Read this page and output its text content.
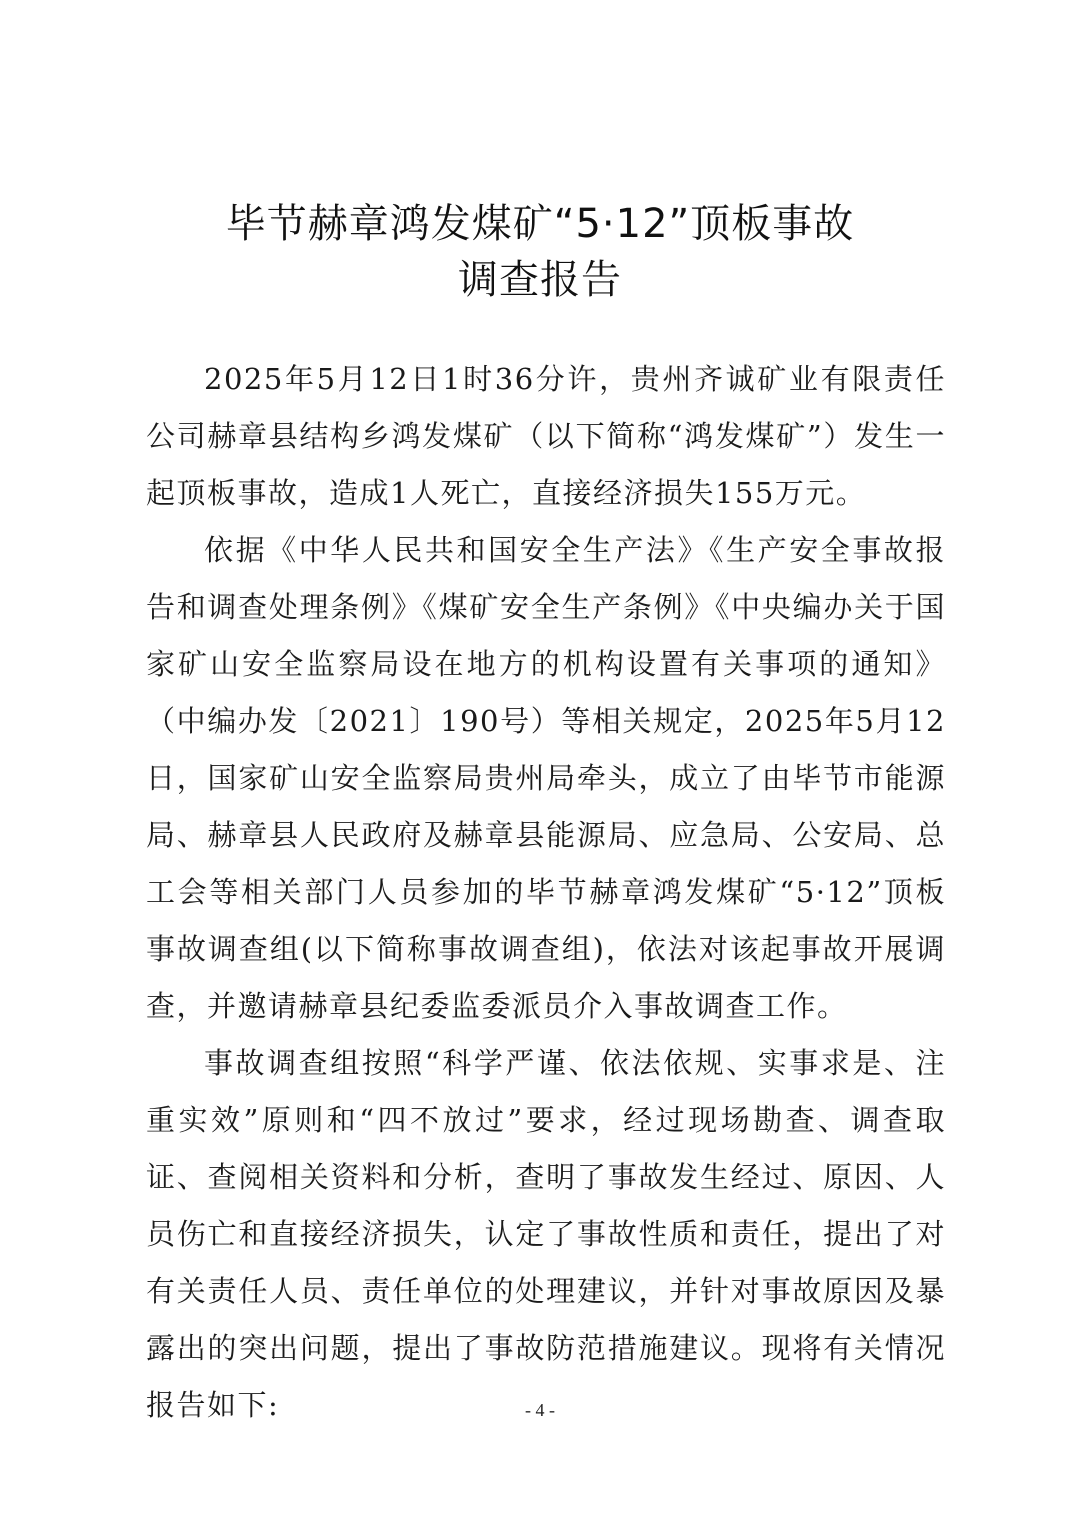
毕节赫章鸿发煤矿“5·12”顶板事故
调查报告

2025年5月12日1时36分许，贵州齐诚矿业有限责任公司赫章县结构乡鸿发煤矿（以下简称“鸿发煤矿”）发生一起顶板事故，造成1人死亡，直接经济损失155万元。

依据《中华人民共和国安全生产法》《生产安全事故报告和调查处理条例》《煤矿安全生产条例》《中央编办关于国家矿山安全监察局设在地方的机构设置有关事项的通知》（中编办发〔2021〕190号）等相关规定，2025年5月12日，国家矿山安全监察局贵州局牵头，成立了由毕节市能源局、赫章县人民政府及赫章县能源局、应急局、公安局、总工会等相关部门人员参加的毕节赫章鸿发煤矿“5·12”顶板事故调查组(以下简称事故调查组)，依法对该起事故开展调查，并邀请赫章县纪委监委派员介入事故调查工作。

事故调查组按照“科学严谨、依法依规、实事求是、注重实效”原则和“四不放过”要求，经过现场勘查、调查取证、查阅相关资料和分析，查明了事故发生经过、原因、人员伤亡和直接经济损失，认定了事故性质和责任，提出了对有关责任人员、责任单位的处理建议，并针对事故原因及暴露出的突出问题，提出了事故防范措施建议。现将有关情况报告如下:	- 4 -
